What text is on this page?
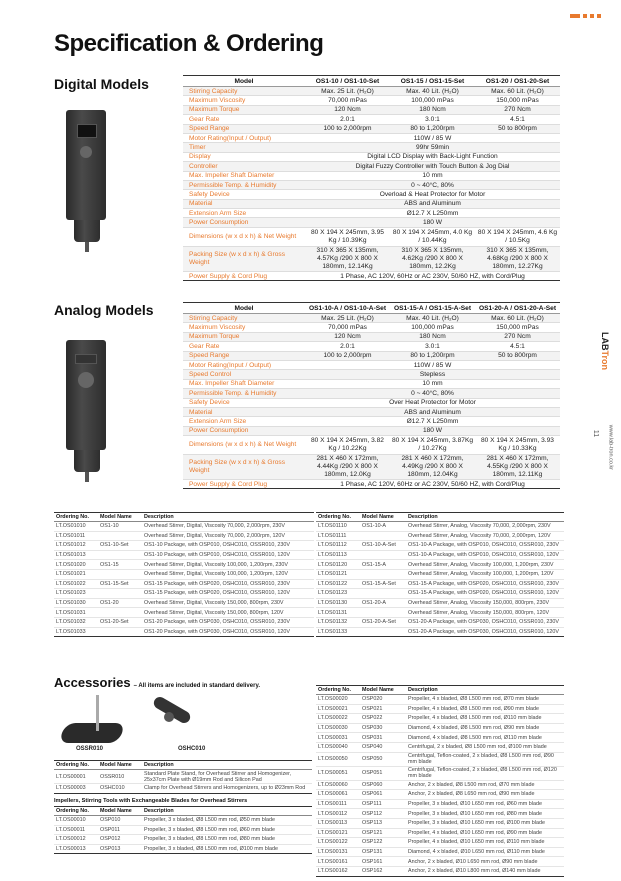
Specification & Ordering
Digital Models
Analog Models
Model	OS1-10 / OS1-10-Set	OS1-15 / OS1-15-Set	OS1-20 / OS1-20-Set
Stirring Capacity	Max. 25 Lit. (H₂O)	Max. 40 Lit. (H₂O)	Max. 60 Lit. (H₂O)
Maximum Viscosity	70,000 mPas	100,000 mPas	150,000 mPas
Maximum Torque	120 Ncm	180 Ncm	270 Ncm
Gear Rate	2.0:1	3.0:1	4.5:1
Speed Range	100 to 2,000rpm	80 to 1,200rpm	50 to 800rpm
Motor Rating(Input / Output)	110W / 85 W		
Timer	99hr 59min		
Display	Digital LCD Display with Back-Light Function		
Controller	Digital Fuzzy Controller with Touch Button & Jog Dial		
Max. Impeller Shaft Diameter	10 mm		
Permissible Temp. & Humidity	0 ~ 40°C, 80%		
Safety Device	Overload & Heat Protector for Motor		
Material	ABS and Aluminum		
Extension Arm Size	Ø12.7 X L250mm		
Power Consumption	180 W		
Dimensions (w x d x h) & Net Weight	80 X 194 X 245mm, 3.95 Kg / 10.39Kg	80 X 194 X 245mm, 4.0 Kg / 10.44Kg	80 X 194 X 245mm, 4.6 Kg / 10.5Kg
Packing Size (w x d x h) & Gross Weight	310 X 365 X 135mm, 4.57Kg /290 X 800 X 180mm, 12.14Kg	310 X 365 X 135mm, 4.62Kg /290 X 800 X 180mm, 12.2Kg	310 X 365 X 135mm, 4.68Kg /290 X 800 X 180mm, 12.27Kg
Power Supply & Cord Plug	1 Phase, AC 120V, 60Hz or AC 230V, 50/60 HZ, with Cord/Plug		
Model	OS1-10-A / OS1-10-A-Set	OS1-15-A / OS1-15-A-Set	OS1-20-A / OS1-20-A-Set
Stirring Capacity	Max. 25 Lit. (H₂O)	Max. 40 Lit. (H₂O)	Max. 60 Lit. (H₂O)
Maximum Viscosity	70,000 mPas	100,000 mPas	150,000 mPas
Maximum Torque	120 Ncm	180 Ncm	270 Ncm
Gear Rate	2.0:1	3.0:1	4.5:1
Speed Range	100 to 2,000rpm	80 to 1,200rpm	50 to 800rpm
Motor Rating(Input / Output)	110W / 85 W		
Speed Control	Stepless		
Max. Impeller Shaft Diameter	10 mm		
Permissible Temp. & Humidity	0 ~ 40°C, 80%		
Safety Device	Over Heat Protector for Motor		
Material	ABS and Aluminum		
Extension Arm Size	Ø12.7 X L250mm		
Power Consumption	180 W		
Dimensions (w x d x h) & Net Weight	80 X 194 X 245mm, 3.82 Kg / 10.22Kg	80 X 194 X 245mm, 3.87Kg / 10.27Kg	80 X 194 X 245mm, 3.93 Kg / 10.33Kg
Packing Size (w x d x h) & Gross Weight	281 X 460 X 172mm, 4.44Kg /290 X 800 X 180mm, 12.0Kg	281 X 460 X 172mm, 4.49Kg /290 X 800 X 180mm, 12.04Kg	281 X 460 X 172mm, 4.55Kg /290 X 800 X 180mm, 12.11Kg
Power Supply & Cord Plug	1 Phase, AC 120V, 60Hz or AC 230V, 50/60 HZ, with Cord/Plug		
Ordering No.	Model Name	Description
LT.OS01010	OS1-10	Overhead Stirrer, Digital, Viscosity 70,000, 2,000rpm, 230V
LT.OS01011		Overhead Stirrer, Digital, Viscosity 70,000, 2,000rpm, 120V
LT.OS01012	OS1-10-Set	OS1-10 Package, with OSP010, OSHC010, OSSR010, 230V
LT.OS01013		OS1-10 Package, with OSP010, OSHC010, OSSR010, 120V
LT.OS01020	OS1-15	Overhead Stirrer, Digital, Viscosity 100,000, 1,200rpm, 230V
LT.OS01021		Overhead Stirrer, Digital, Viscosity 100,000, 1,200rpm, 120V
LT.OS01022	OS1-15-Set	OS1-15 Package, with OSP020, OSHC010, OSSR010, 230V
LT.OS01023		OS1-15 Package, with OSP020, OSHC010, OSSR010, 120V
LT.OS01030	OS1-20	Overhead Stirrer, Digital, Viscosity 150,000, 800rpm, 230V
LT.OS01031		Overhead Stirrer, Digital, Viscosity 150,000, 800rpm, 120V
LT.OS01032	OS1-20-Set	OS1-20 Package, with OSP030, OSHC010, OSSR010, 230V
LT.OS01033		OS1-20 Package, with OSP030, OSHC010, OSSR010, 120V
Ordering No.	Model Name	Description
LT.OS01110	OS1-10-A	Overhead Stirrer, Analog, Viscosity 70,000, 2,000rpm, 230V
LT.OS01111		Overhead Stirrer, Analog, Viscosity 70,000, 2,000rpm, 120V
LT.OS01112	OS1-10-A-Set	OS1-10-A Package, with OSP010, OSHC010, OSSR010, 230V
LT.OS01113		OS1-10-A Package, with OSP010, OSHC010, OSSR010, 120V
LT.OS01120	OS1-15-A	Overhead Stirrer, Analog, Viscosity 100,000, 1,200rpm, 230V
LT.OS01121		Overhead Stirrer, Analog, Viscosity 100,000, 1,200rpm, 120V
LT.OS01122	OS1-15-A-Set	OS1-15-A Package, with OSP020, OSHC010, OSSR010, 230V
LT.OS01123		OS1-15-A Package, with OSP020, OSHC010, OSSR010, 120V
LT.OS01130	OS1-20-A	Overhead Stirrer, Analog, Viscosity 150,000, 800rpm, 230V
LT.OS01131		Overhead Stirrer, Analog, Viscosity 150,000, 800rpm, 120V
LT.OS01132	OS1-20-A-Set	OS1-20-A Package, with OSP030, OSHC010, OSSR010, 230V
LT.OS01133		OS1-20-A Package, with OSP030, OSHC010, OSSR010, 120V
Accessories – All items are included in standard delivery.
OSSR010	OSHC010
Ordering No.	Model Name	Description
LT.OS00001	OSSR010	Standard Plate Stand, for Overhead Stirrer and Homogenizer, 25x37cm Plate with Ø19mm Rod and Silicon Pad
LT.OS00003	OSHC010	Clamp for Overhead Stirrers and Homogenizers, up to Ø23mm Rod
Impellers, Stirring Tools with Exchangeable Blades for Overhead Stirrers
Ordering No.	Model Name	Description
LT.OS00010	OSP010	Propeller, 3 x bladed, Ø8 L500 mm rod, Ø50 mm blade
LT.OS00011	OSP011	Propeller, 3 x bladed, Ø8 L500 mm rod, Ø60 mm blade
LT.OS00012	OSP012	Propeller, 3 x bladed, Ø8 L500 mm rod, Ø80 mm blade
LT.OS00013	OSP013	Propeller, 3 x bladed, Ø8 L500 mm rod, Ø100 mm blade
Ordering No.	Model Name	Description
LT.OS00020	OSP020	Propeller, 4 x bladed, Ø8 L500 mm rod, Ø70 mm blade
LT.OS00021	OSP021	Propeller, 4 x bladed, Ø8 L500 mm rod, Ø90 mm blade
LT.OS00022	OSP022	Propeller, 4 x bladed, Ø8 L500 mm rod, Ø110 mm blade
LT.OS00030	OSP030	Diamond, 4 x bladed, Ø8 L500 mm rod, Ø90 mm blade
LT.OS00031	OSP031	Diamond, 4 x bladed, Ø8 L500 mm rod, Ø110 mm blade
LT.OS00040	OSP040	Centrifugal, 2 x bladed, Ø8 L500 mm rod, Ø100 mm blade
LT.OS00050	OSP050	Centrifugal, Teflon-coated, 2 x bladed, Ø8 L500 mm rod, Ø90 mm blade
LT.OS00051	OSP051	Centrifugal, Teflon-coated, 2 x bladed, Ø8 L500 mm rod, Ø120 mm blade
LT.OS00060	OSP060	Anchor, 2 x bladed, Ø8 L500 mm rod, Ø70 mm blade
LT.OS00061	OSP061	Anchor, 2 x bladed, Ø8 L650 mm rod, Ø90 mm blade
LT.OS00111	OSP111	Propeller, 3 x bladed, Ø10 L650 mm rod, Ø60 mm blade
LT.OS00112	OSP112	Propeller, 3 x bladed, Ø10 L650 mm rod, Ø80 mm blade
LT.OS00113	OSP113	Propeller, 3 x bladed, Ø10 L650 mm rod, Ø100 mm blade
LT.OS00121	OSP121	Propeller, 4 x bladed, Ø10 L650 mm rod, Ø90 mm blade
LT.OS00122	OSP122	Propeller, 4 x bladed, Ø10 L650 mm rod, Ø110 mm blade
LT.OS00131	OSP131	Diamond, 4 x bladed, Ø10 L650 mm rod, Ø110 mm blade
LT.OS00161	OSP161	Anchor, 2 x bladed, Ø10 L650 mm rod, Ø90 mm blade
LT.OS00162	OSP162	Anchor, 2 x bladed, Ø10 L800 mm rod, Ø140 mm blade
LABTron
11 www.lab-tron.co.kr
